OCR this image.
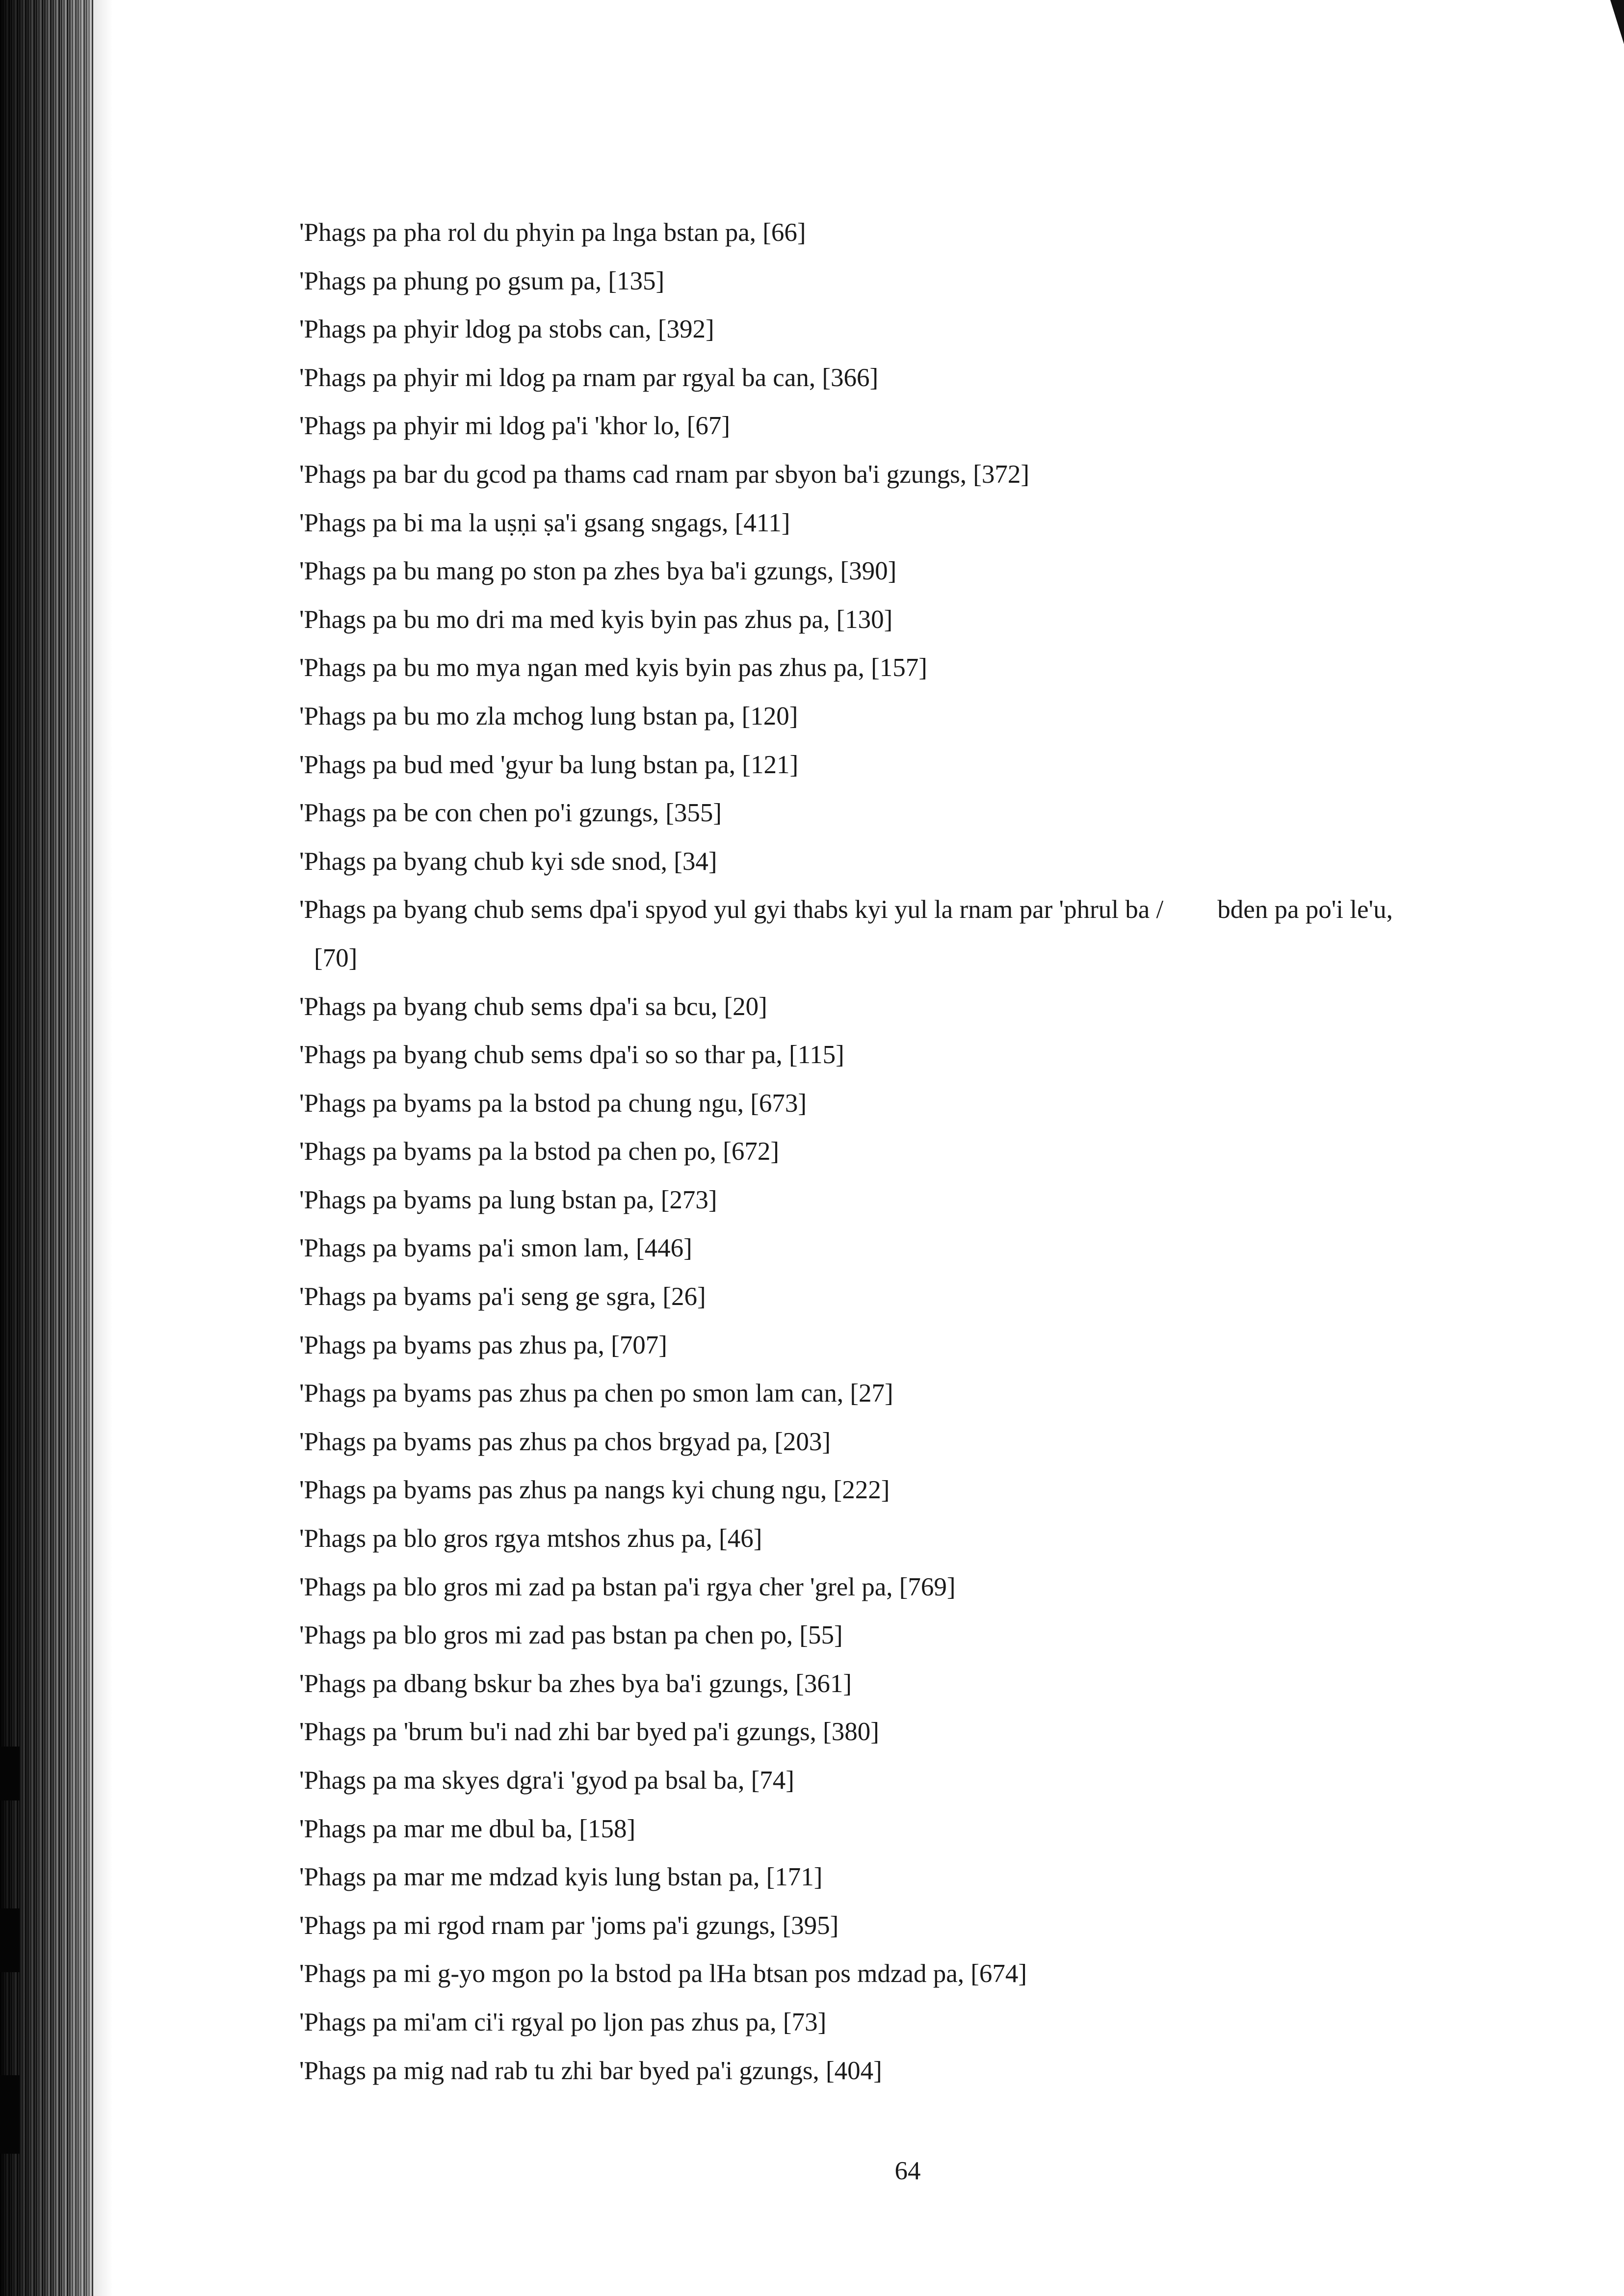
'Phags pa pha rol du phyin pa lnga bstan pa, [66]
'Phags pa phung po gsum pa, [135]
'Phags pa phyir ldog pa stobs can, [392]
'Phags pa phyir mi ldog pa rnam par rgyal ba can, [366]
'Phags pa phyir mi ldog pa'i 'khor lo, [67]
'Phags pa bar du gcod pa thams cad rnam par sbyon ba'i gzungs, [372]
'Phags pa bi ma la uṣṇi ṣa'i gsang sngags, [411]
'Phags pa bu mang po ston pa zhes bya ba'i gzungs, [390]
'Phags pa bu mo dri ma med kyis byin pas zhus pa, [130]
'Phags pa bu mo mya ngan med kyis byin pas zhus pa, [157]
'Phags pa bu mo zla mchog lung bstan pa, [120]
'Phags pa bud med 'gyur ba lung bstan pa, [121]
'Phags pa be con chen po'i gzungs, [355]
'Phags pa byang chub kyi sde snod, [34]
'Phags pa byang chub sems dpa'i spyod yul gyi thabs kyi yul la rnam par 'phrul ba / bden pa po'i le'u,
[70]
'Phags pa byang chub sems dpa'i sa bcu, [20]
'Phags pa byang chub sems dpa'i so so thar pa, [115]
'Phags pa byams pa la bstod pa chung ngu, [673]
'Phags pa byams pa la bstod pa chen po, [672]
'Phags pa byams pa lung bstan pa, [273]
'Phags pa byams pa'i smon lam, [446]
'Phags pa byams pa'i seng ge sgra, [26]
'Phags pa byams pas zhus pa, [707]
'Phags pa byams pas zhus pa chen po smon lam can, [27]
'Phags pa byams pas zhus pa chos brgyad pa, [203]
'Phags pa byams pas zhus pa nangs kyi chung ngu, [222]
'Phags pa blo gros rgya mtshos zhus pa, [46]
'Phags pa blo gros mi zad pa bstan pa'i rgya cher 'grel pa, [769]
'Phags pa blo gros mi zad pas bstan pa chen po, [55]
'Phags pa dbang bskur ba zhes bya ba'i gzungs, [361]
'Phags pa 'brum bu'i nad zhi bar byed pa'i gzungs, [380]
'Phags pa ma skyes dgra'i 'gyod pa bsal ba, [74]
'Phags pa mar me dbul ba, [158]
'Phags pa mar me mdzad kyis lung bstan pa, [171]
'Phags pa mi rgod rnam par 'joms pa'i gzungs, [395]
'Phags pa mi g-yo mgon po la bstod pa lHa btsan pos mdzad pa, [674]
'Phags pa mi'am ci'i rgyal po ljon pas zhus pa, [73]
'Phags pa mig nad rab tu zhi bar byed pa'i gzungs, [404]
64
